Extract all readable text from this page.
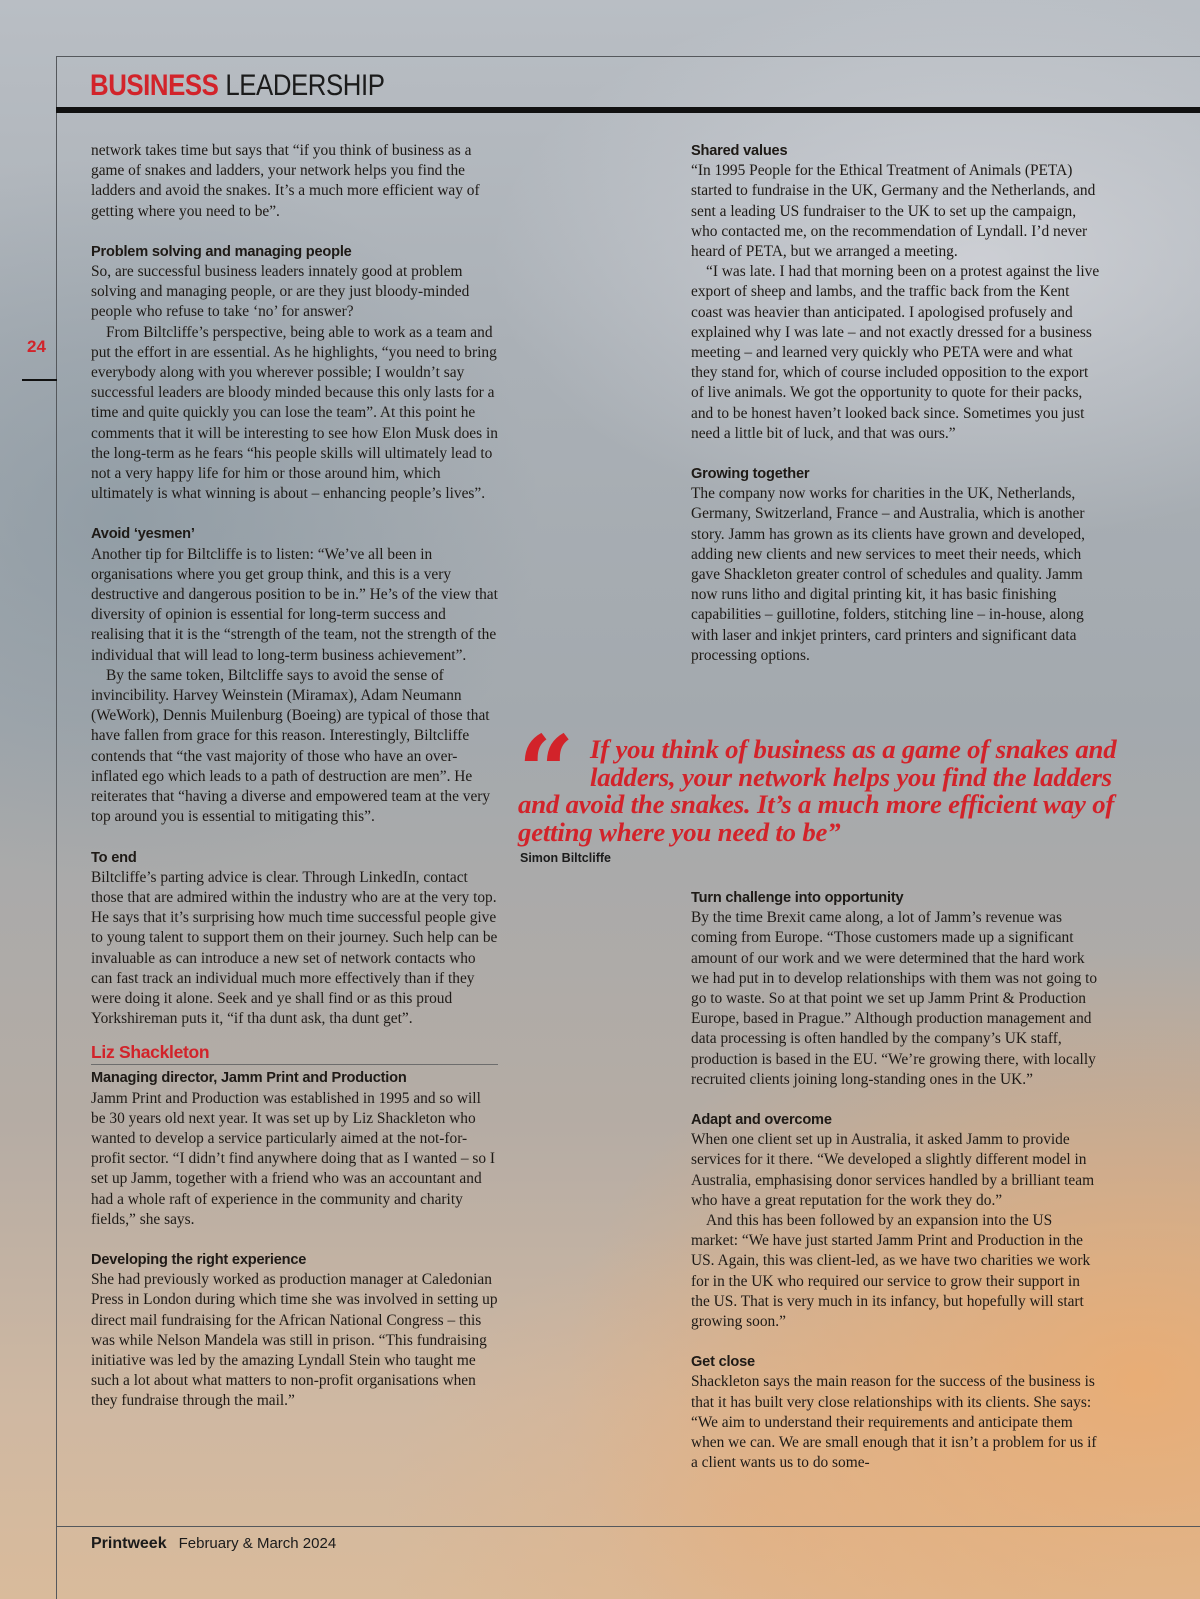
BUSINESS LEADERSHIP
24

network takes time but says that “if you think of business as a game of snakes and ladders, your network helps you find the ladders and avoid the snakes. It’s a much more efficient way of getting where you need to be”.

Problem solving and managing people

So, are successful business leaders innately good at problem solving and managing people, or are they just bloody-minded people who refuse to take ‘no’ for answer?

From Biltcliffe’s perspective, being able to work as a team and put the effort in are essential. As he highlights, “you need to bring everybody along with you wherever possible; I wouldn’t say successful leaders are bloody minded because this only lasts for a time and quite quickly you can lose the team”. At this point he comments that it will be interesting to see how Elon Musk does in the long-term as he fears “his people skills will ultimately lead to not a very happy life for him or those around him, which ultimately is what winning is about – enhancing people’s lives”.

Avoid ‘yesmen’

Another tip for Biltcliffe is to listen: “We’ve all been in organisations where you get group think, and this is a very destructive and dangerous position to be in.” He’s of the view that diversity of opinion is essential for long-term success and realising that it is the “strength of the team, not the strength of the individual that will lead to long-term business achievement”.

By the same token, Biltcliffe says to avoid the sense of invincibility. Harvey Weinstein (Miramax), Adam Neumann (WeWork), Dennis Muilenburg (Boeing) are typical of those that have fallen from grace for this reason. Interestingly, Biltcliffe contends that “the vast majority of those who have an over-inflated ego which leads to a path of destruction are men”. He reiterates that “having a diverse and empowered team at the very top around you is essential to mitigating this”.

To end

Biltcliffe’s parting advice is clear. Through LinkedIn, contact those that are admired within the industry who are at the very top. He says that it’s surprising how much time successful people give to young talent to support them on their journey. Such help can be invaluable as can introduce a new set of network contacts who can fast track an individual much more effectively than if they were doing it alone. Seek and ye shall find or as this proud Yorkshireman puts it, “if tha dunt ask, tha dunt get”.

Liz Shackleton
Managing director, Jamm Print and Production

Jamm Print and Production was established in 1995 and so will be 30 years old next year. It was set up by Liz Shackleton who wanted to develop a service particularly aimed at the not-for-profit sector. “I didn’t find anywhere doing that as I wanted – so I set up Jamm, together with a friend who was an accountant and had a whole raft of experience in the community and charity fields,” she says.

Developing the right experience

She had previously worked as production manager at Caledonian Press in London during which time she was involved in setting up direct mail fundraising for the African National Congress – this was while Nelson Mandela was still in prison. “This fundraising initiative was led by the amazing Lyndall Stein who taught me such a lot about what matters to non-profit organisations when they fundraise through the mail.”

Shared values

“In 1995 People for the Ethical Treatment of Animals (PETA) started to fundraise in the UK, Germany and the Netherlands, and sent a leading US fundraiser to the UK to set up the campaign, who contacted me, on the recommendation of Lyndall. I’d never heard of PETA, but we arranged a meeting.

“I was late. I had that morning been on a protest against the live export of sheep and lambs, and the traffic back from the Kent coast was heavier than anticipated. I apologised profusely and explained why I was late – and not exactly dressed for a business meeting – and learned very quickly who PETA were and what they stand for, which of course included opposition to the export of live animals. We got the opportunity to quote for their packs, and to be honest haven’t looked back since. Sometimes you just need a little bit of luck, and that was ours.”

Growing together

The company now works for charities in the UK, Netherlands, Germany, Switzerland, France – and Australia, which is another story. Jamm has grown as its clients have grown and developed, adding new clients and new services to meet their needs, which gave Shackleton greater control of schedules and quality. Jamm now runs litho and digital printing kit, it has basic finishing capabilities – guillotine, folders, stitching line – in-house, along with laser and inkjet printers, card printers and significant data processing options.

“ If you think of business as a game of snakes and ladders, your network helps you find the ladders and avoid the snakes. It’s a much more efficient way of getting where you need to be”

Simon Biltcliffe
Turn challenge into opportunity

By the time Brexit came along, a lot of Jamm’s revenue was coming from Europe. “Those customers made up a significant amount of our work and we were determined that the hard work we had put in to develop relationships with them was not going to go to waste. So at that point we set up Jamm Print & Production Europe, based in Prague.” Although production management and data processing is often handled by the company’s UK staff, production is based in the EU. “We’re growing there, with locally recruited clients joining long-standing ones in the UK.”

Adapt and overcome

When one client set up in Australia, it asked Jamm to provide services for it there. “We developed a slightly different model in Australia, emphasising donor services handled by a brilliant team who have a great reputation for the work they do.”

And this has been followed by an expansion into the US market: “We have just started Jamm Print and Production in the US. Again, this was client-led, as we have two charities we work for in the UK who required our service to grow their support in the US. That is very much in its infancy, but hopefully will start growing soon.”

Get close

Shackleton says the main reason for the success of the business is that it has built very close relationships with its clients. She says: “We aim to understand their requirements and anticipate them when we can. We are small enough that it isn’t a problem for us if a client wants us to do some-

Printweek February & March 2024
